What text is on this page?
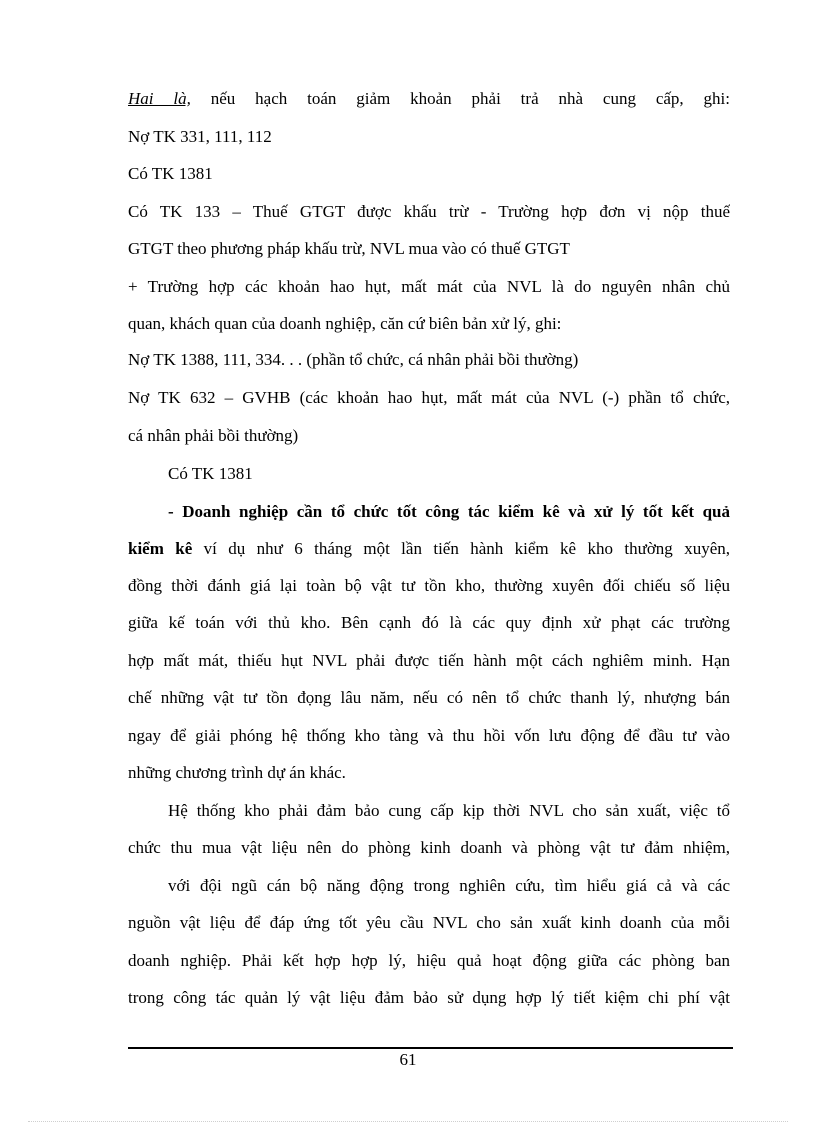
Hai là, nếu hạch toán giảm khoản phải trả nhà cung cấp, ghi:
Nợ TK 331, 111, 112
Có TK 1381
Có TK 133 – Thuế GTGT được khấu trừ - Trường hợp đơn vị nộp thuế
GTGT theo phương pháp khấu trừ, NVL mua vào có thuế GTGT
+ Trường hợp các khoản hao hụt, mất mát của NVL là do nguyên nhân chủ
quan, khách quan của doanh nghiệp, căn cứ biên bản xử lý, ghi:
Nợ TK 1388, 111, 334. . . (phần tổ chức, cá nhân phải bồi thường)
Nợ TK 632 – GVHB (các khoản hao hụt, mất mát của NVL (-) phần tổ chức,
cá nhân phải bồi thường)
Có TK 1381
- Doanh nghiệp cần tổ chức tốt công tác kiểm kê và xử lý tốt kết quả
kiểm kê ví dụ như 6 tháng một lần tiến hành kiểm kê kho thường xuyên,
đồng thời đánh giá lại toàn bộ vật tư tồn kho, thường xuyên đối chiếu số liệu
giữa kế toán với thủ kho. Bên cạnh đó là các quy định xử phạt các trường
hợp mất mát, thiếu hụt NVL phải được tiến hành một cách nghiêm minh. Hạn
chế những vật tư tồn đọng lâu năm, nếu có nên tổ chức thanh lý, nhượng bán
ngay để giải phóng hệ thống kho tàng và thu hồi vốn lưu động để đầu tư vào
những chương trình dự án khác.
Hệ thống kho phải đảm bảo cung cấp kịp thời NVL cho sản xuất, việc tổ
chức thu mua vật liệu nên do phòng kinh doanh và phòng vật tư đảm nhiệm,
với đội ngũ cán bộ năng động trong nghiên cứu, tìm hiểu giá cả và các
nguồn vật liệu để đáp ứng tốt yêu cầu NVL cho sản xuất kinh doanh của mỗi
doanh nghiệp. Phải kết hợp hợp lý, hiệu quả hoạt động giữa các phòng ban
trong công tác quản lý vật liệu đảm bảo sử dụng hợp lý tiết kiệm chi phí vật
61
